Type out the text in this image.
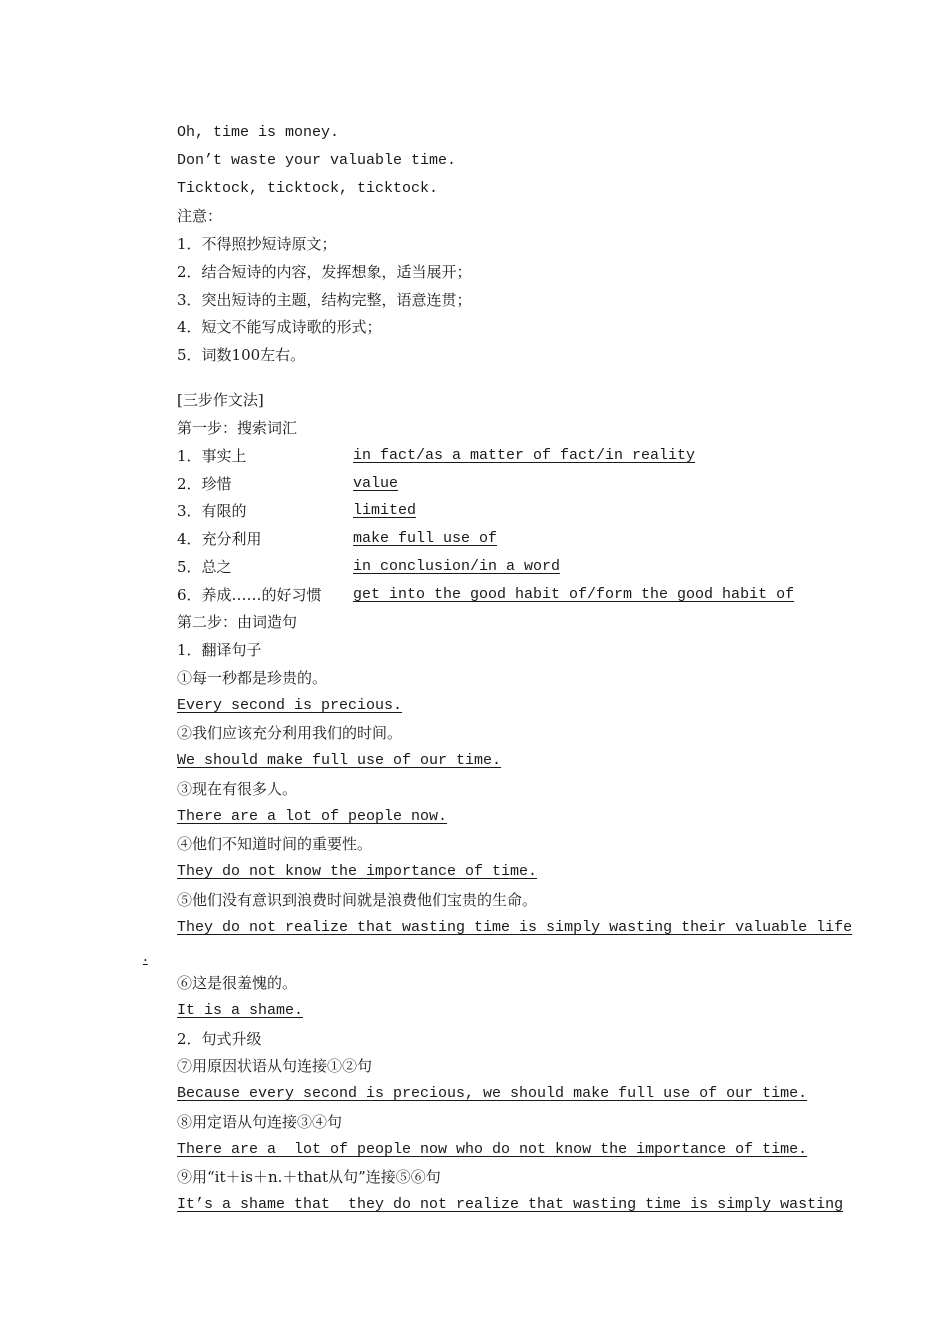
Oh, time is money.
Don’t waste your valuable time.
Ticktock, ticktock, ticktock.
注意：
1．不得照抄短诗原文；
2．结合短诗的内容，发挥想象，适当展开；
3．突出短诗的主题，结构完整，语意连贯；
4．短文不能写成诗歌的形式；
5．词数100左右。
[三步作文法]
第一步：搜索词汇
1．事实上	in fact/as a matter of fact/in reality
2．珍惜	value
3．有限的	limited
4．充分利用	make full use of
5．总之	in conclusion/in a word
6．养成……的好习惯 get into the good habit of/form the good habit of
第二步：由词造句
1．翻译句子
①每一秒都是珍贵的。
Every second is precious.
②我们应该充分利用我们的时间。
We should make full use of our time.
③现在有很多人。
There are a lot of people now.
④他们不知道时间的重要性。
They do not know the importance of time.
⑤他们没有意识到浪费时间就是浪费他们宝贵的生命。
They do not realize that wasting time is simply wasting their valuable life
.
⑥这是很羞愧的。
It is a shame.
2．句式升级
⑦用原因状语从句连接①②句
Because every second is precious, we should make full use of our time.
⑧用定语从句连接③④句
There are a  lot of people now who do not know the importance of time.
⑨用“it＋is＋n.＋that从句”连接⑤⑥句
It’s a shame that  they do not realize that wasting time is simply wasting
